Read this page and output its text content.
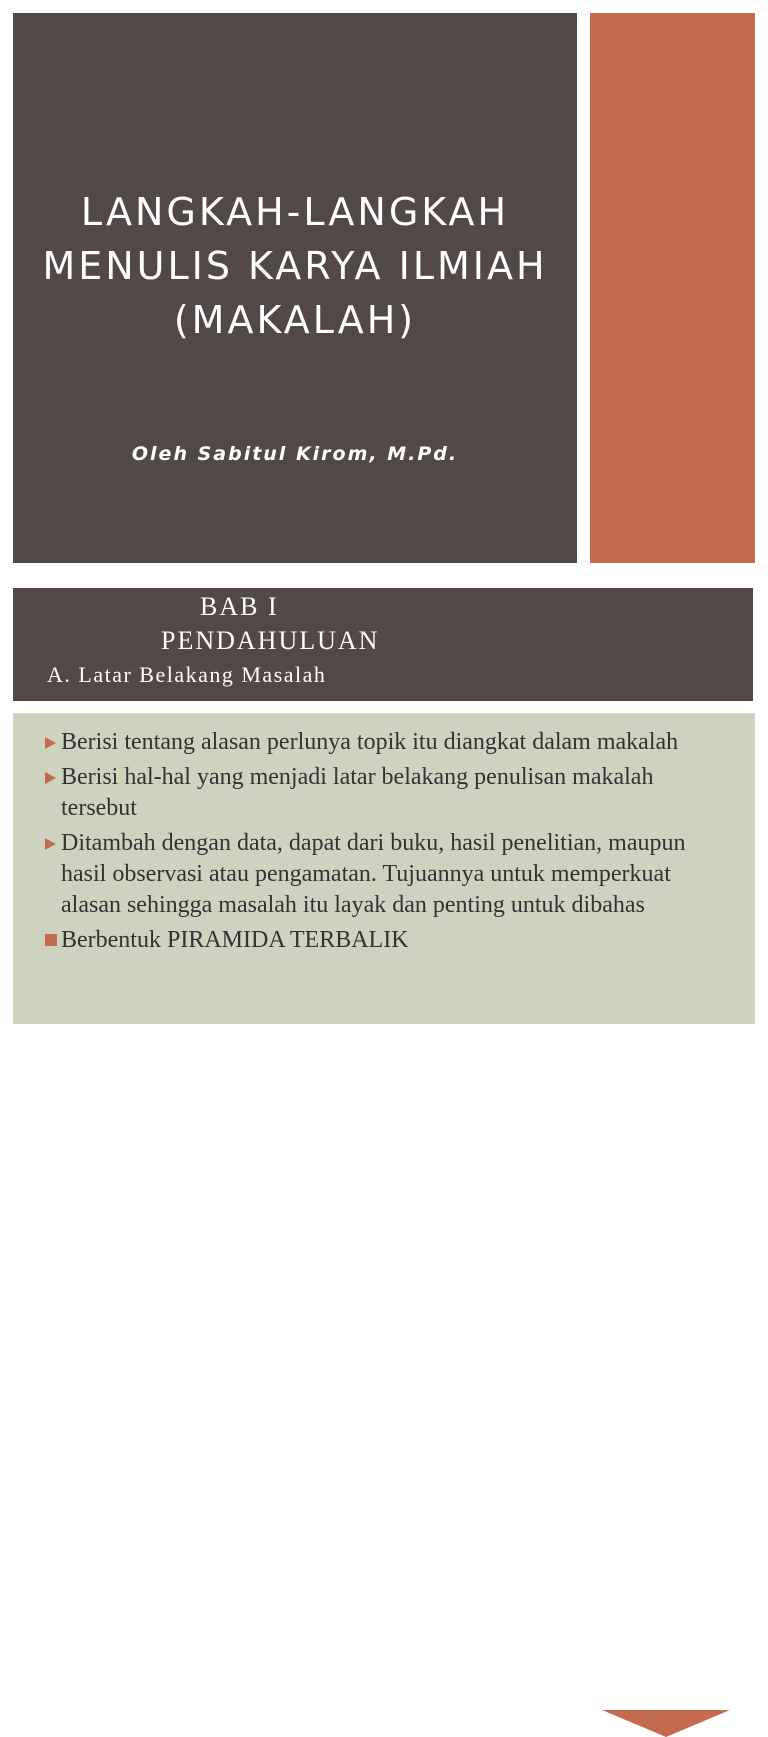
LANGKAH-LANGKAH
MENULIS KARYA ILMIAH
(MAKALAH)
Oleh Sabitul Kirom, M.Pd.
BAB I
PENDAHULUAN
A. Latar Belakang Masalah
Berisi tentang alasan perlunya topik itu diangkat dalam makalah
Berisi hal-hal yang menjadi latar belakang penulisan makalah tersebut
Ditambah dengan data, dapat dari buku, hasil penelitian, maupun hasil observasi atau pengamatan. Tujuannya untuk memperkuat alasan sehingga masalah itu layak dan penting untuk dibahas
Berbentuk PIRAMIDA TERBALIK
